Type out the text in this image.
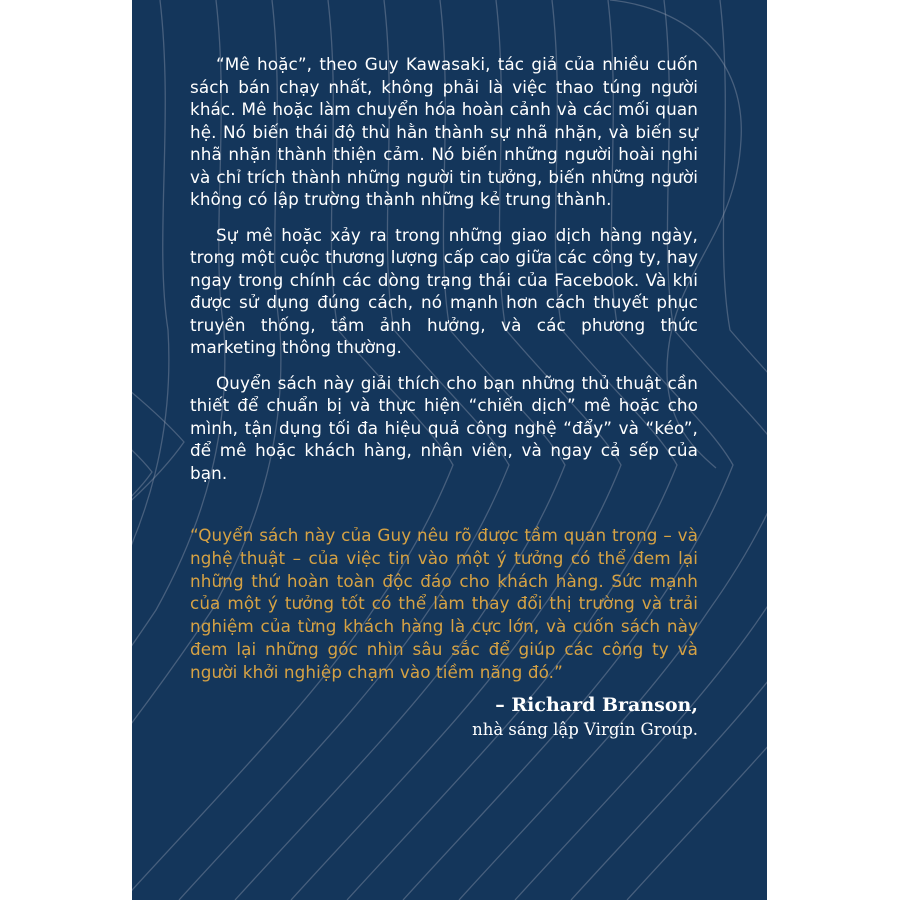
“Mê hoặc”, theo Guy Kawasaki, tác giả của nhiều cuốn sách bán chạy nhất, không phải là việc thao túng người khác. Mê hoặc làm chuyển hóa hoàn cảnh và các mối quan hệ. Nó biến thái độ thù hằn thành sự nhã nhặn, và biến sự nhã nhặn thành thiện cảm. Nó biến những người hoài nghi và chỉ trích thành những người tin tưởng, biến những người không có lập trường thành những kẻ trung thành.

Sự mê hoặc xảy ra trong những giao dịch hàng ngày, trong một cuộc thương lượng cấp cao giữa các công ty, hay ngay trong chính các dòng trạng thái của Facebook. Và khi được sử dụng đúng cách, nó mạnh hơn cách thuyết phục truyền thống, tầm ảnh hưởng, và các phương thức marketing thông thường.

Quyển sách này giải thích cho bạn những thủ thuật cần thiết để chuẩn bị và thực hiện “chiến dịch” mê hoặc cho mình, tận dụng tối đa hiệu quả công nghệ “đẩy” và “kéo”, để mê hoặc khách hàng, nhân viên, và ngay cả sếp của bạn.

“Quyển sách này của Guy nêu rõ được tầm quan trọng – và nghệ thuật – của việc tin vào một ý tưởng có thể đem lại những thứ hoàn toàn độc đáo cho khách hàng. Sức mạnh của một ý tưởng tốt có thể làm thay đổi thị trường và trải nghiệm của từng khách hàng là cực lớn, và cuốn sách này đem lại những góc nhìn sâu sắc để giúp các công ty và người khởi nghiệp chạm vào tiềm năng đó.”

– Richard Branson,
nhà sáng lập Virgin Group.
